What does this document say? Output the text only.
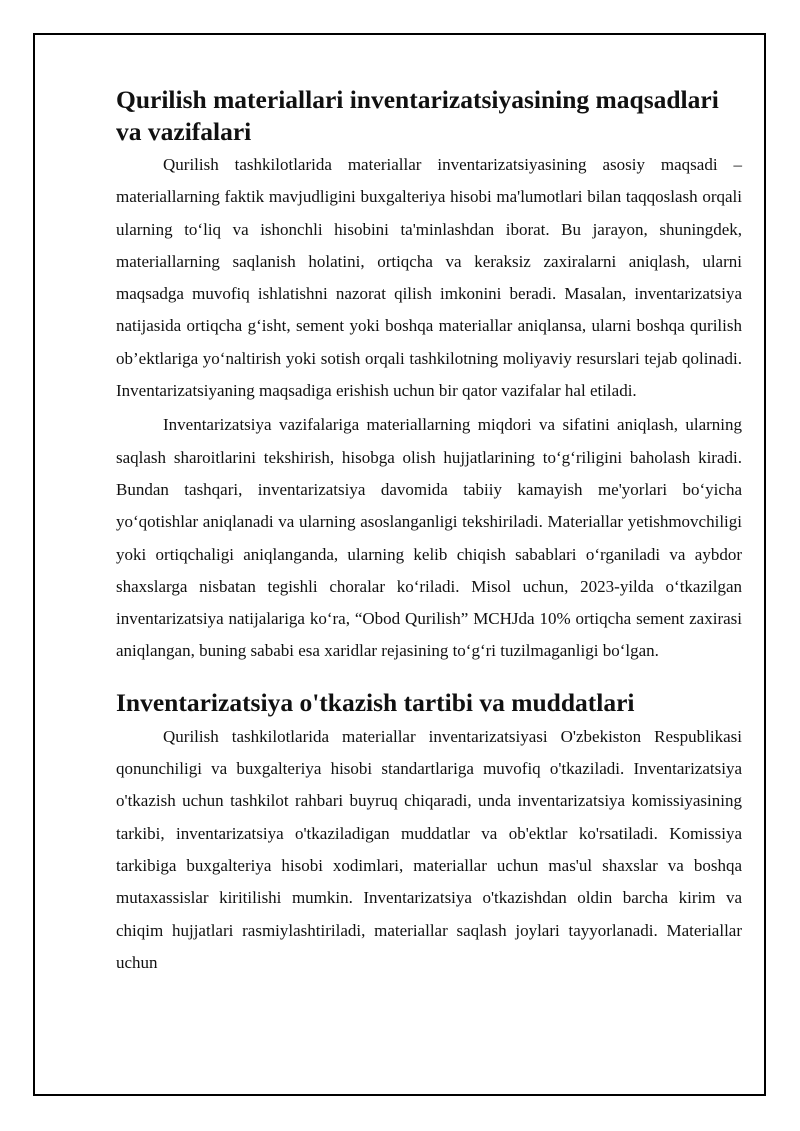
Qurilish materiallari inventarizatsiyasining maqsadlari va vazifalari

Qurilish tashkilotlarida materiallar inventarizatsiyasining asosiy maqsadi – materiallarning faktik mavjudligini buxgalteriya hisobi ma'lumotlari bilan taqqoslash orqali ularning to‘liq va ishonchli hisobini ta'minlashdan iborat. Bu jarayon, shuningdek, materiallarning saqlanish holatini, ortiqcha va keraksiz zaxiralarni aniqlash, ularni maqsadga muvofiq ishlatishni nazorat qilish imkonini beradi. Masalan, inventarizatsiya natijasida ortiqcha g‘isht, sement yoki boshqa materiallar aniqlansa, ularni boshqa qurilish ob’ektlariga yo‘naltirish yoki sotish orqali tashkilotning moliyaviy resurslari tejab qolinadi. Inventarizatsiyaning maqsadiga erishish uchun bir qator vazifalar hal etiladi.

Inventarizatsiya vazifalariga materiallarning miqdori va sifatini aniqlash, ularning saqlash sharoitlarini tekshirish, hisobga olish hujjatlarining to‘g‘riligini baholash kiradi. Bundan tashqari, inventarizatsiya davomida tabiiy kamayish me'yorlari bo‘yicha yo‘qotishlar aniqlanadi va ularning asoslanganligi tekshiriladi. Materiallar yetishmovchiligi yoki ortiqchaligi aniqlanganda, ularning kelib chiqish sabablari o‘rganiladi va aybdor shaxslarga nisbatan tegishli choralar ko‘riladi. Misol uchun, 2023-yilda o‘tkazilgan inventarizatsiya natijalariga ko‘ra, “Obod Qurilish” MCHJda 10% ortiqcha sement zaxirasi aniqlangan, buning sababi esa xaridlar rejasining to‘g‘ri tuzilmaganligi bo‘lgan.

Inventarizatsiya o'tkazish tartibi va muddatlari

Qurilish tashkilotlarida materiallar inventarizatsiyasi O'zbekiston Respublikasi qonunchiligi va buxgalteriya hisobi standartlariga muvofiq o'tkaziladi. Inventarizatsiya o'tkazish uchun tashkilot rahbari buyruq chiqaradi, unda inventarizatsiya komissiyasining tarkibi, inventarizatsiya o'tkaziladigan muddatlar va ob'ektlar ko'rsatiladi. Komissiya tarkibiga buxgalteriya hisobi xodimlari, materiallar uchun mas'ul shaxslar va boshqa mutaxassislar kiritilishi mumkin. Inventarizatsiya o'tkazishdan oldin barcha kirim va chiqim hujjatlari rasmiylashtiriladi, materiallar saqlash joylari tayyorlanadi. Materiallar uchun
